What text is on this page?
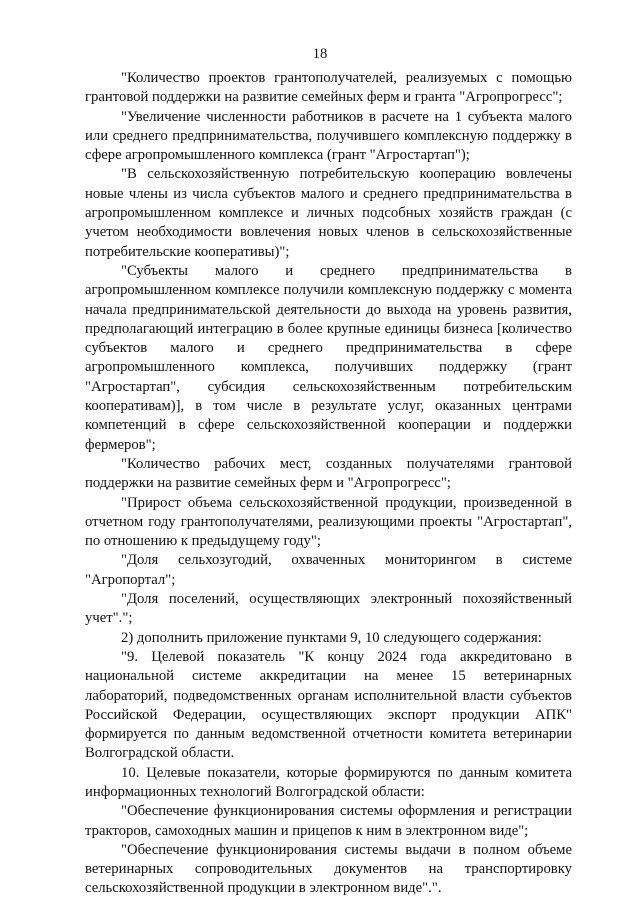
18

"Количество проектов грантополучателей, реализуемых с помощью грантовой поддержки на развитие семейных ферм и гранта "Агропрогресс";

"Увеличение численности работников в расчете на 1 субъекта малого или среднего предпринимательства, получившего комплексную поддержку в сфере агропромышленного комплекса (грант "Агростартап");

"В сельскохозяйственную потребительскую кооперацию вовлечены новые члены из числа субъектов малого и среднего предпринимательства в агропромышленном комплексе и личных подсобных хозяйств граждан (с учетом необходимости вовлечения новых членов в сельскохозяйственные потребительские кооперативы)";

"Субъекты малого и среднего предпринимательства в агропромышленном комплексе получили комплексную поддержку с момента начала предпринимательской деятельности до выхода на уровень развития, предполагающий интеграцию в более крупные единицы бизнеса [количество субъектов малого и среднего предпринимательства в сфере агропромышленного комплекса, получивших поддержку (грант "Агростартап", субсидия сельскохозяйственным потребительским кооперативам)], в том числе в результате услуг, оказанных центрами компетенций в сфере сельскохозяйственной кооперации и поддержки фермеров";

"Количество рабочих мест, созданных получателями грантовой поддержки на развитие семейных ферм и "Агропрогресс";

"Прирост объема сельскохозяйственной продукции, произведенной в отчетном году грантополучателями, реализующими проекты "Агростартап", по отношению к предыдущему году";

"Доля сельхозугодий, охваченных мониторингом в системе "Агропортал";

"Доля поселений, осуществляющих электронный похозяйственный учет".";

2) дополнить приложение пунктами 9, 10 следующего содержания:

"9. Целевой показатель "К концу 2024 года аккредитовано в национальной системе аккредитации на менее 15 ветеринарных лабораторий, подведомственных органам исполнительной власти субъектов Российской Федерации, осуществляющих экспорт продукции АПК" формируется по данным ведомственной отчетности комитета ветеринарии Волгоградской области.

10. Целевые показатели, которые формируются по данным комитета информационных технологий Волгоградской области:

"Обеспечение функционирования системы оформления и регистрации тракторов, самоходных машин и прицепов к ним в электронном виде";

"Обеспечение функционирования системы выдачи в полном объеме ветеринарных сопроводительных документов на транспортировку сельскохозяйственной продукции в электронном виде".".
